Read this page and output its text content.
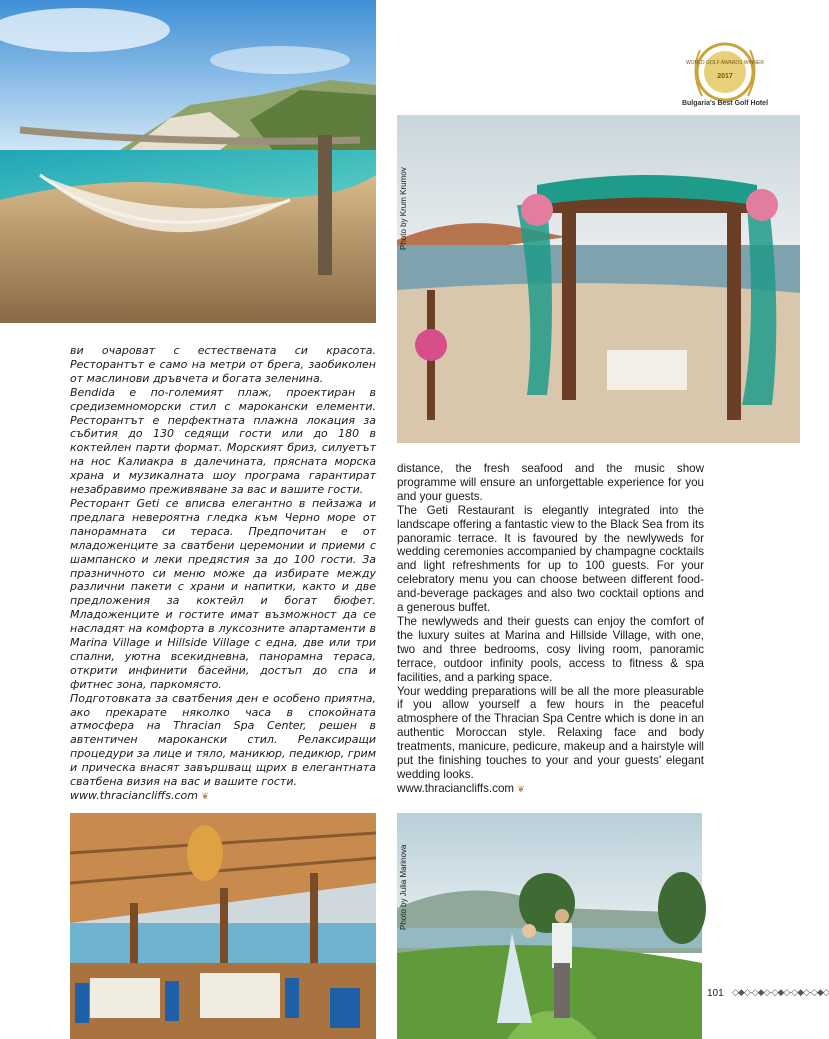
WORLD GOLF AWARDS WINNER
2017
Bulgaria's Best Golf Hotel
Photo by Krum Krumov

ви очароват с естествената си красота. Ресторантът е само на метри от брега, заобиколен от маслинови дръвчета и богата зеленина.

Bendida е по-големият плаж, проектиран в средиземноморски стил с марокански елементи. Ресторантът е перфектната плажна локация за събития до 130 седящи гости или до 180 в коктейлен парти формат. Морският бриз, силуетът на нос Калиакра в далечината, прясната морска храна и музикалната шоу програма гарантират незабравимо преживяване за вас и вашите гости.

Ресторант Geti се вписва елегантно в пейзажа и предлага невероятна гледка към Черно море от панорамната си тераса. Предпочитан е от младоженците за сватбени церемонии и приеми с шампанско и леки предястия за до 100 гости. За празничното си меню може да избирате между различни пакети с храни и напитки, както и две предложения за коктейл и богат бюфет. Младоженците и гостите имат възможност да се насладят на комфорта в луксозните апартаменти в Marina Village и Hillside Village с една, две или три спални, уютна всекидневна, панорамна тераса, открити инфинити басейни, достъп до спа и фитнес зона, паркомясто.

Подготовката за сватбения ден е особено приятна, ако прекарате няколко часа в спокойната атмосфера на Thracian Spa Center, решен в автентичен марокански стил. Релаксиращи процедури за лице и тяло, маникюр, педикюр, грим и прическа внасят завършващ щрих в елегантната сватбена визия на вас и вашите гости.

www.thraciancliffs.com ❦

distance, the fresh seafood and the music show programme will ensure an unforgettable experience for you and your guests.

The Geti Restaurant is elegantly integrated into the landscape offering a fantastic view to the Black Sea from its panoramic terrace. It is favoured by the newlyweds for wedding ceremonies accompanied by champagne cocktails and light refreshments for up to 100 guests. For your celebratory menu you can choose between different food-and-beverage packages and also two cocktail options and a generous buffet.

The newlyweds and their guests can enjoy the comfort of the luxury suites at Marina and Hillside Village, with one, two and three bedrooms, cosy living room, panoramic terrace, outdoor infinity pools, access to fitness & spa facilities, and a parking space.

Your wedding preparations will be all the more pleasurable if you allow yourself a few hours in the peaceful atmosphere of the Thracian Spa Centre which is done in an authentic Moroccan style. Relaxing face and body treatments, manicure, pedicure, makeup and a hairstyle will put the finishing touches to your and your guests' elegant wedding looks.

www.thraciancliffs.com ❦

Photo by Julia Marinova
101 ◇◆◇·◇◆◇·◇◆◇·◇◆◇·◇◆◇
